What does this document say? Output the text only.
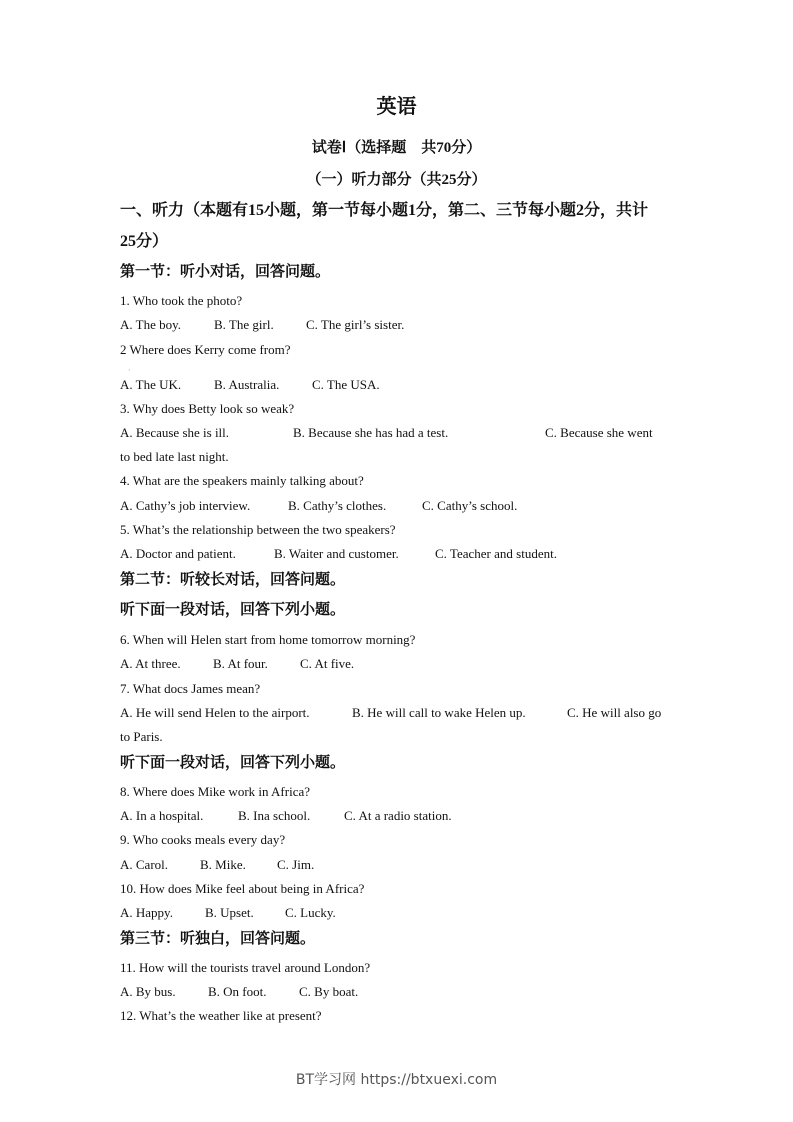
英语
试卷Ⅰ（选择题　共70分）
（一）听力部分（共25分）
一、听力（本题有15小题，第一节每小题1分，第二、三节每小题2分，共计
25分）
第一节：听小对话，回答问题。
第二节：听较长对话，回答问题。
听下面一段对话，回答下列小题。
听下面一段对话，回答下列小题。
第三节：听独白，回答问题。
·
BT学习网 https://btxuexi.com
1. Who took the photo?
A. The boy.	B. The girl. C. The girl’s sister.
2 Where does Kerry come from?
A. The UK.	B. Australia.	C. The USA.
3. Why does Betty look so weak?
A. Because she is ill.	B. Because she has had a test.	C. Because she went
to bed late last night.
4. What are the speakers mainly talking about?
A. Cathy’s job interview.	B. Cathy’s clothes.	C. Cathy’s school.
5. What’s the relationship between the two speakers?
A. Doctor and patient.	B. Waiter and customer.	C. Teacher and student.
6. When will Helen start from home tomorrow morning?
A. At three. B. At four. C. At five.
7. What docs James mean?
A. He will send Helen to the airport.	B. He will call to wake Helen up.	C. He will also go
to Paris.
8. Where does Mike work in Africa?
A. In a hospital.	B. Ina school.	C. At a radio station.
9. Who cooks meals every day?
A. Carol. B. Mike. C. Jim.
10. How does Mike feel about being in Africa?
A. Happy. B. Upset. C. Lucky.
11. How will the tourists travel around London?
A. By bus. B. On foot.	C. By boat.
12. What’s the weather like at present?
